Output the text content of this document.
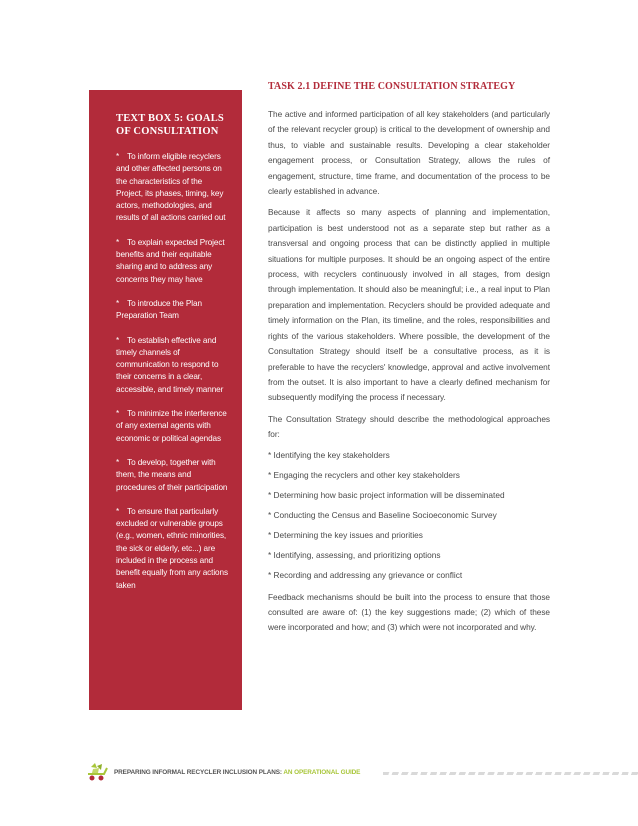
TEXT BOX 5: GOALS
OF CONSULTATION
* To inform eligible recyclers and other affected persons on the characteristics of the Project, its phases, timing, key actors, methodologies, and results of all actions carried out
* To explain expected Project benefits and their equitable sharing and to address any concerns they may have
* To introduce the Plan Preparation Team
* To establish effective and timely channels of communication to respond to their concerns in a clear, accessible, and timely manner
* To minimize the interference of any external agents with economic or political agendas
* To develop, together with them, the means and procedures of their participation
* To ensure that particularly excluded or vulnerable groups (e.g., women, ethnic minorities, the sick or elderly, etc...) are included in the process and benefit equally from any actions taken
TASK 2.1 DEFINE THE CONSULTATION STRATEGY

The active and informed participation of all key stakeholders (and particularly of the relevant recycler group) is critical to the development of ownership and thus, to viable and sustainable results. Developing a clear stakeholder engagement process, or Consultation Strategy, allows the rules of engagement, structure, time frame, and documentation of the process to be clearly established in advance.

Because it affects so many aspects of planning and implementation, participation is best understood not as a separate step but rather as a transversal and ongoing process that can be distinctly applied in multiple situations for multiple purposes. It should be an ongoing aspect of the entire process, with recyclers continuously involved in all stages, from design through implementation. It should also be meaningful; i.e., a real input to Plan preparation and implementation. Recyclers should be provided adequate and timely information on the Plan, its timeline, and the roles, responsibilities and rights of the various stakeholders. Where possible, the development of the Consultation Strategy should itself be a consultative process, as it is preferable to have the recyclers' knowledge, approval and active involvement from the outset. It is also important to have a clearly defined mechanism for subsequently modifying the process if necessary.

The Consultation Strategy should describe the methodological approaches for:

* Identifying the key stakeholders
* Engaging the recyclers and other key stakeholders
* Determining how basic project information will be disseminated
* Conducting the Census and Baseline Socioeconomic Survey
* Determining the key issues and priorities
* Identifying, assessing, and prioritizing options
* Recording and addressing any grievance or conflict

Feedback mechanisms should be built into the process to ensure that those consulted are aware of: (1) the key suggestions made; (2) which of these were incorporated and how; and (3) which were not incorporated and why.

PREPARING INFORMAL RECYCLER INCLUSION PLANS: AN OPERATIONAL GUIDE
